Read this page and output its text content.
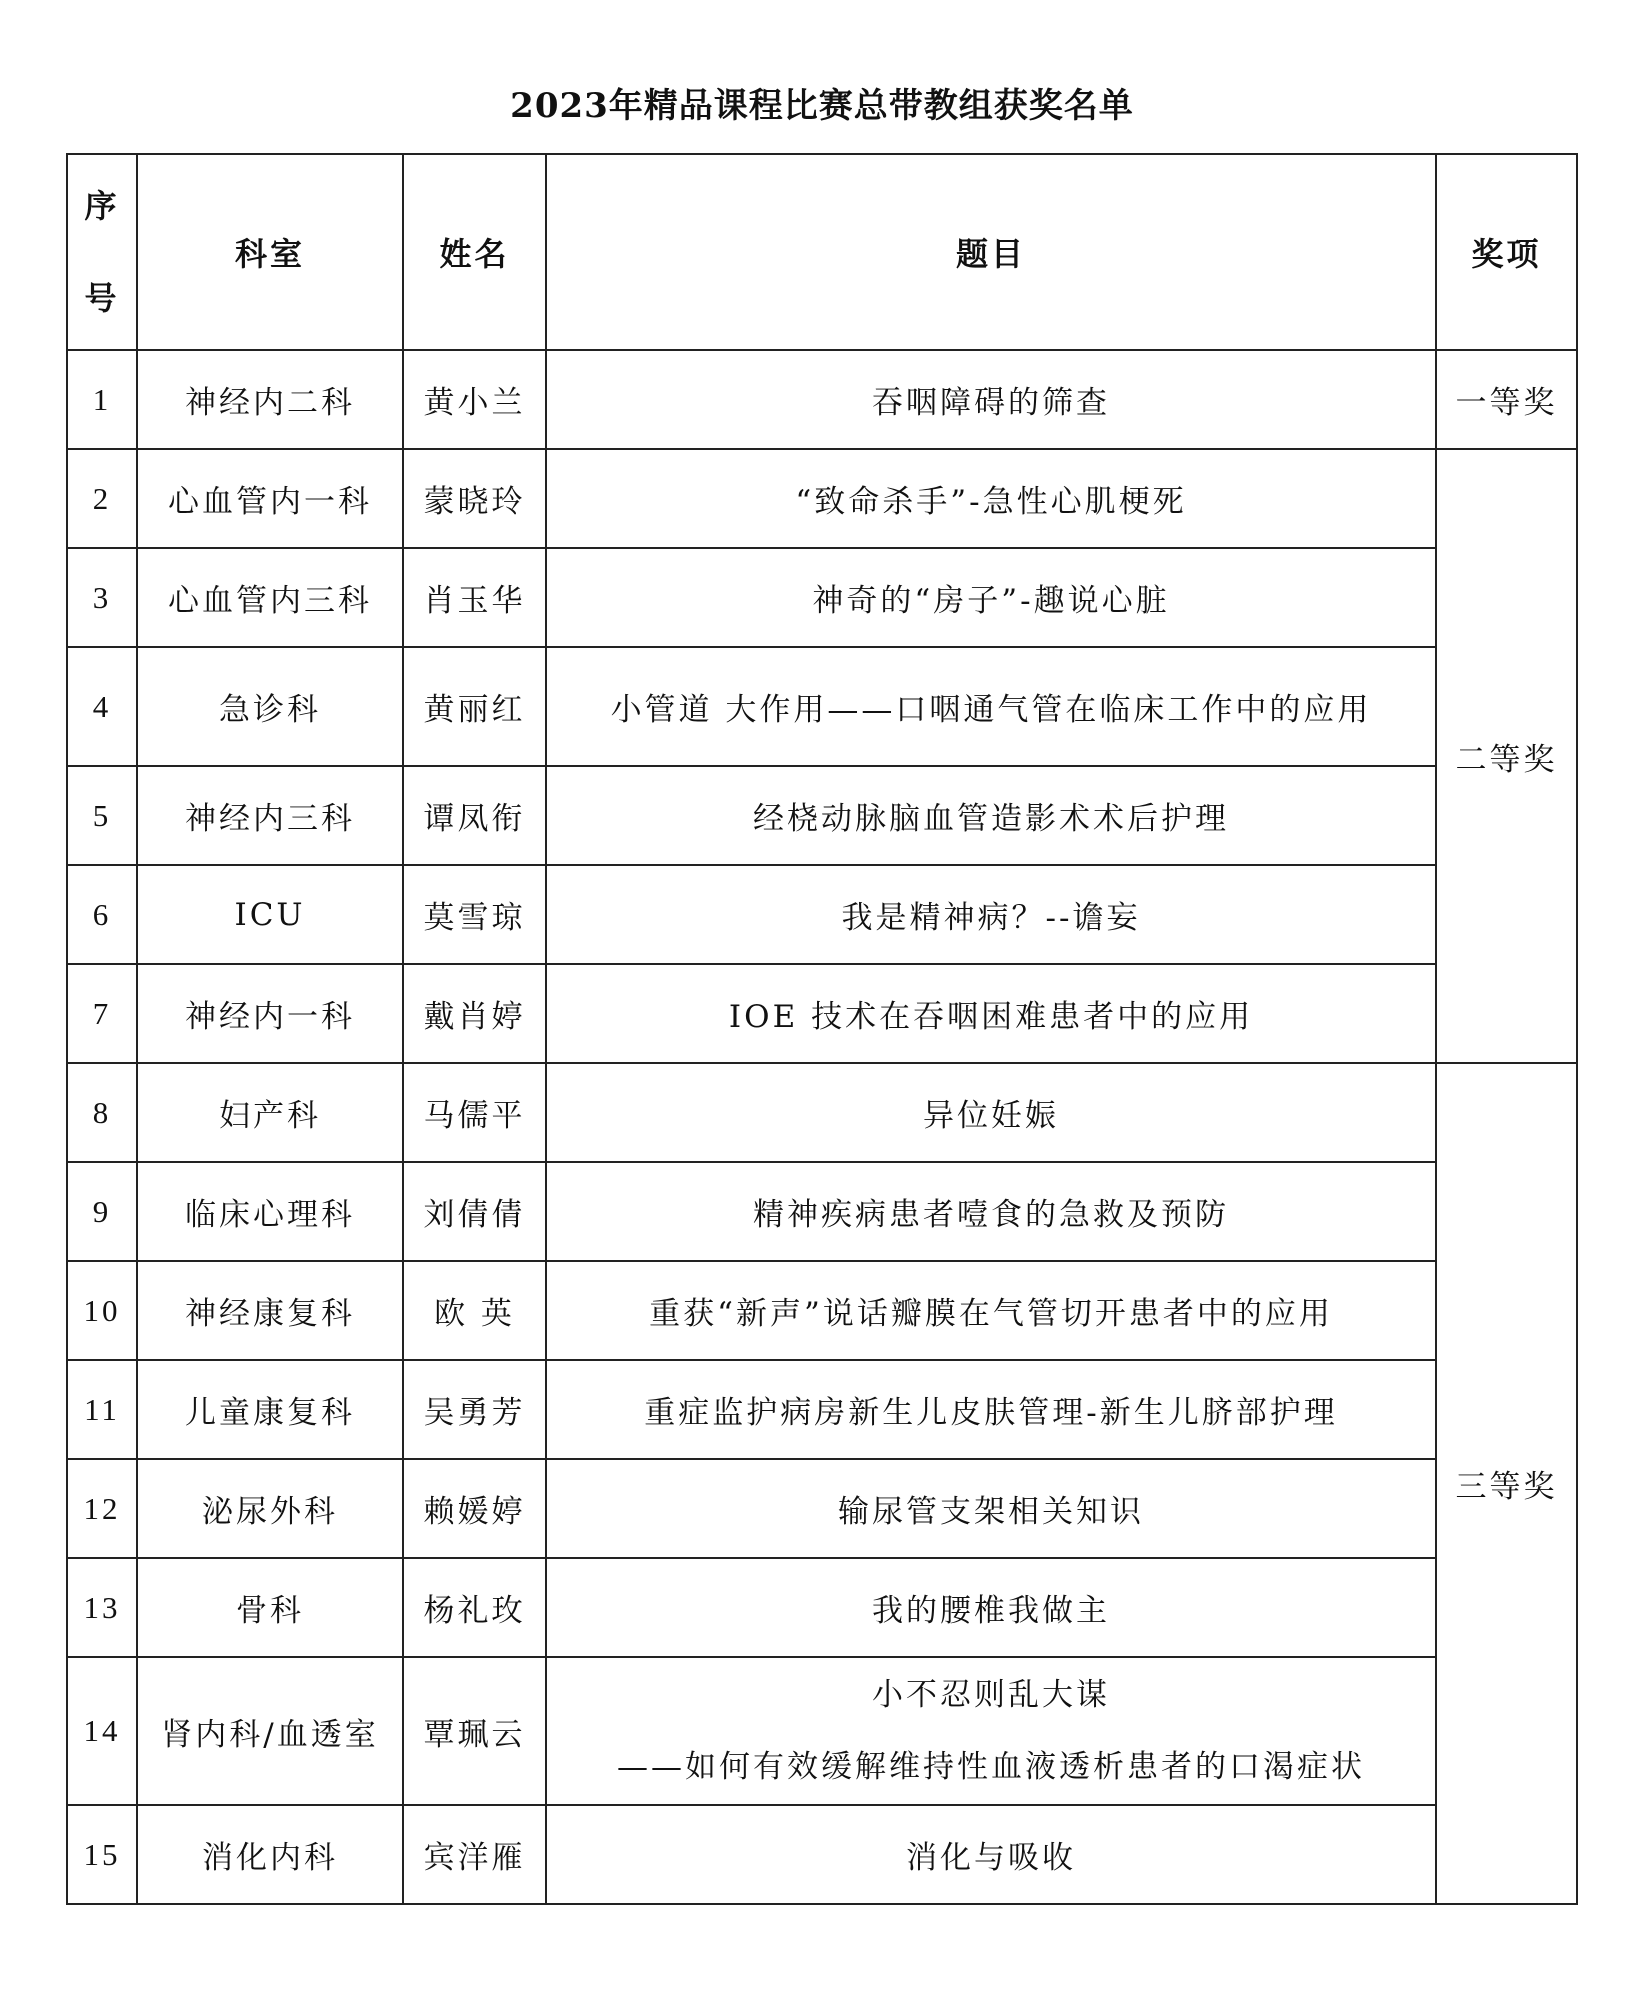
2023年精品课程比赛总带教组获奖名单
序
号	科室	姓名	题目	奖项
1	神经内二科	黄小兰	吞咽障碍的筛查	一等奖
2	心血管内一科	蒙晓玲	“致命杀手”-急性心肌梗死	二等奖
3	心血管内三科	肖玉华	神奇的“房子”-趣说心脏	
4	急诊科	黄丽红	小管道 大作用——口咽通气管在临床工作中的应用	
5	神经内三科	谭凤衔	经桡动脉脑血管造影术术后护理	
6	ICU	莫雪琼	我是精神病？--谵妄	
7	神经内一科	戴肖婷	IOE 技术在吞咽困难患者中的应用	
8	妇产科	马儒平	异位妊娠	三等奖
9	临床心理科	刘倩倩	精神疾病患者噎食的急救及预防	
10	神经康复科	欧 英	重获“新声”说话瓣膜在气管切开患者中的应用	
11	儿童康复科	吴勇芳	重症监护病房新生儿皮肤管理-新生儿脐部护理	
12	泌尿外科	赖媛婷	输尿管支架相关知识	
13	骨科	杨礼玫	我的腰椎我做主	
14	肾内科/血透室	覃珮云	小不忍则乱大谋
——如何有效缓解维持性血液透析患者的口渴症状	

15	消化内科	宾洋雁	消化与吸收	
